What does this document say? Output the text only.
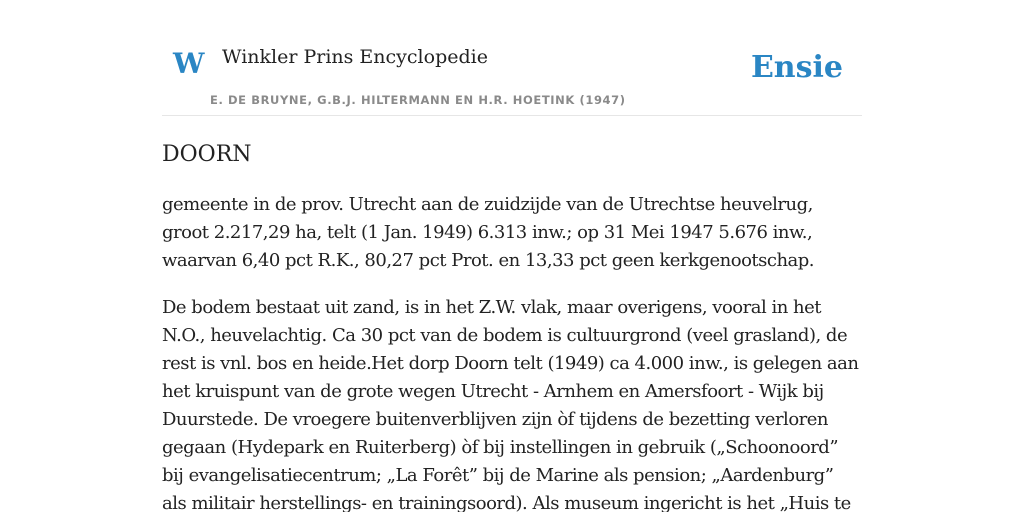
W Winkler Prins Encyclopedie
E. DE BRUYNE, G.B.J. HILTERMANN EN H.R. HOETINK (1947)
Ensie
DOORN

gemeente in de prov. Utrecht aan de zuidzijde van de Utrechtse heuvelrug, groot 2.217,29 ha, telt (1 Jan. 1949) 6.313 inw.; op 31 Mei 1947 5.676 inw., waarvan 6,40 pct R.K., 80,27 pct Prot. en 13,33 pct geen kerkgenootschap.

De bodem bestaat uit zand, is in het Z.W. vlak, maar overigens, vooral in het N.O., heuvelachtig. Ca 30 pct van de bodem is cultuurgrond (veel grasland), de rest is vnl. bos en heide.Het dorp Doorn telt (1949) ca 4.000 inw., is gelegen aan het kruispunt van de grote wegen Utrecht - Arnhem en Amersfoort - Wijk bij Duurstede. De vroegere buitenverblijven zijn òf tijdens de bezetting verloren gegaan (Hydepark en Ruiterberg) òf bij instellingen in gebruik („Schoonoord” bij evangelisatiecentrum; „La Forêt” bij de Marine als pension; „Aardenburg” als militair herstellings- en trainingsoord). Als museum ingericht is het „Huis te
